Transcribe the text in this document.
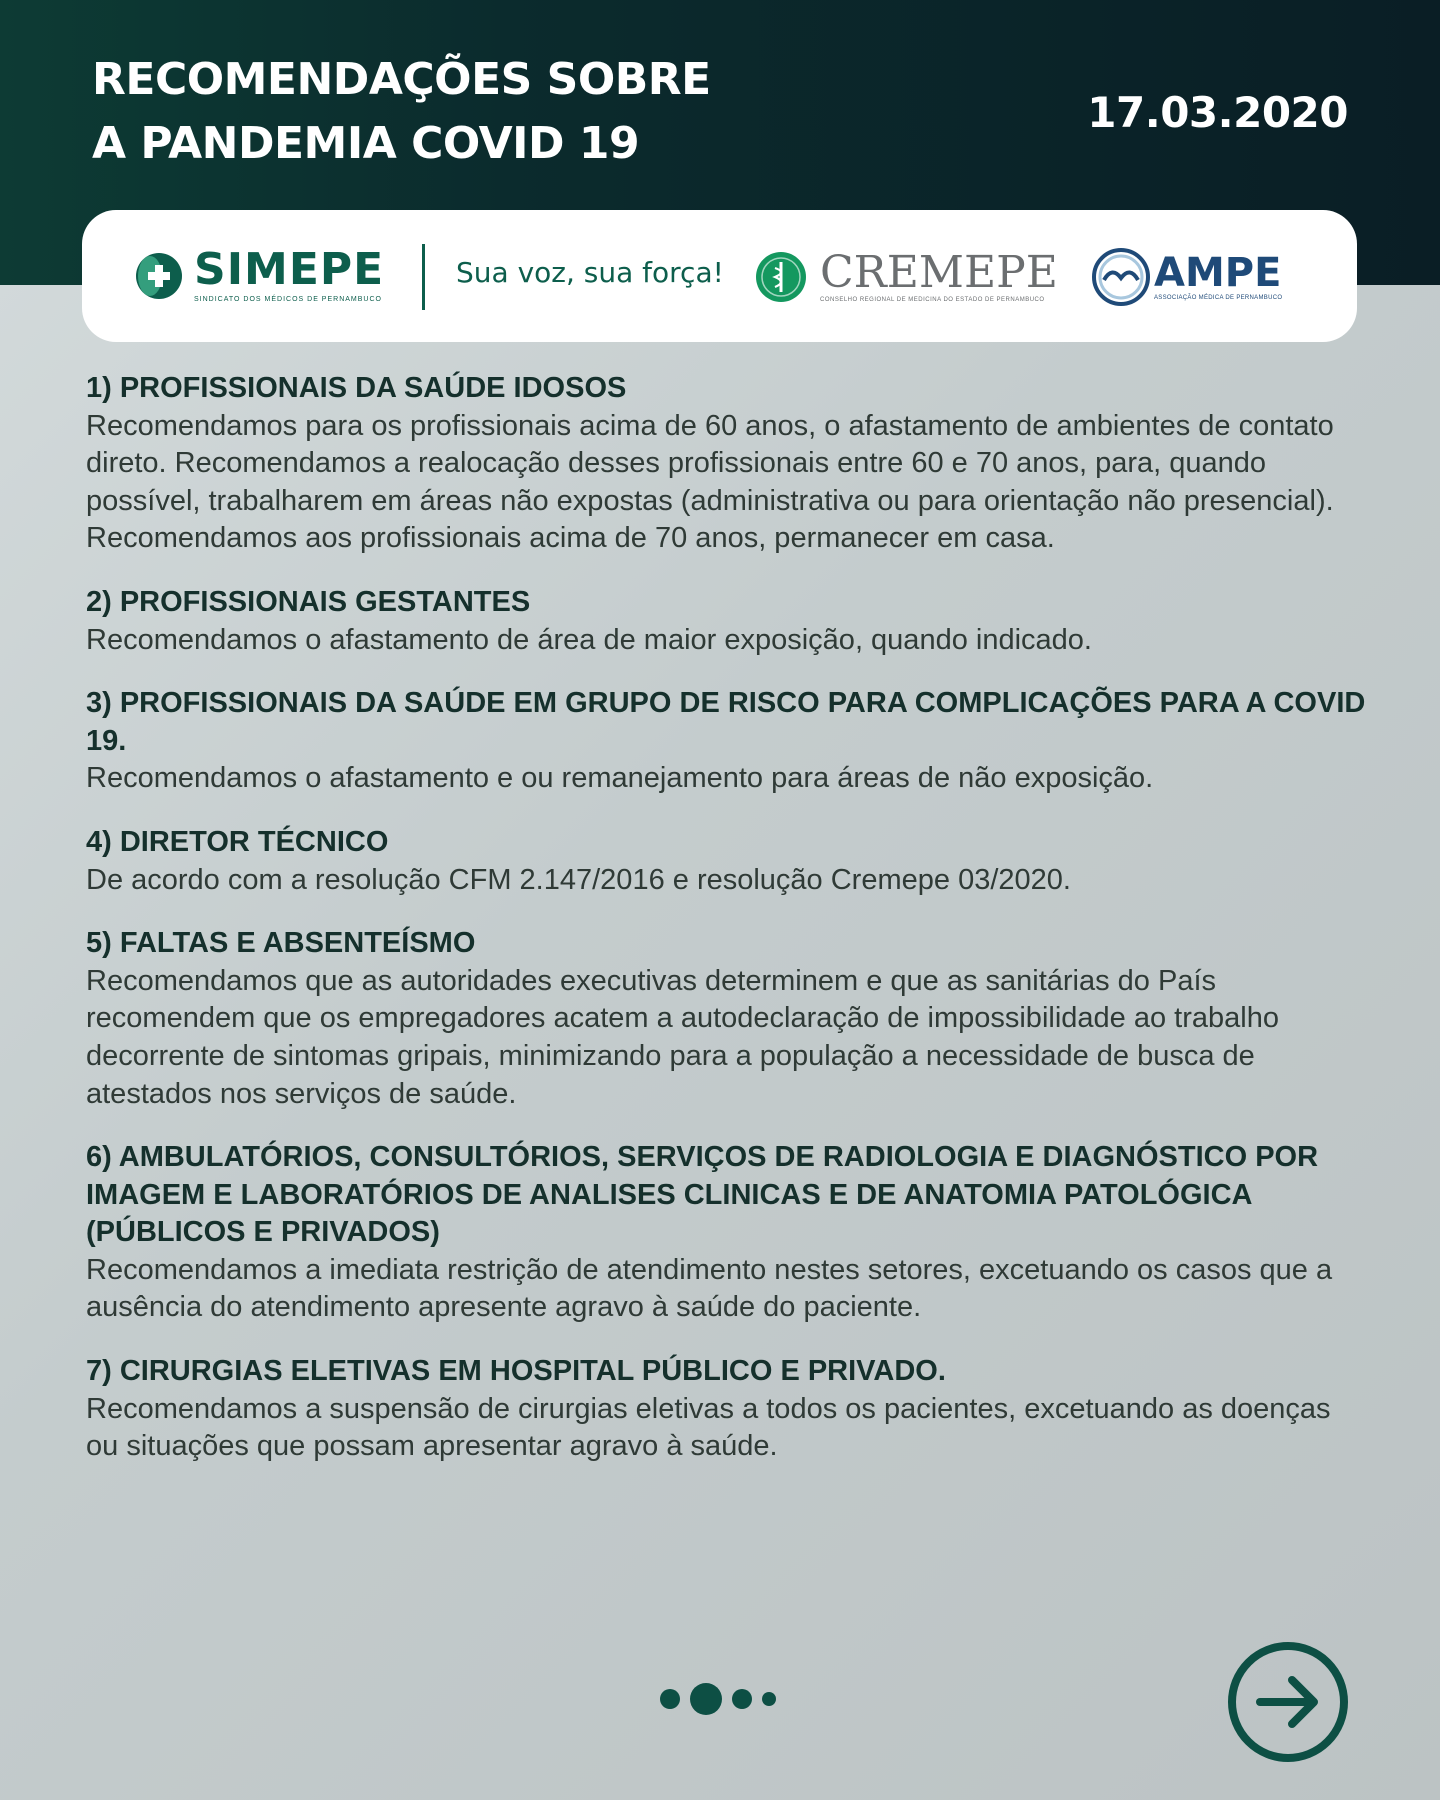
RECOMENDAÇÕES SOBRE
A PANDEMIA COVID 19
17.03.2020
SIMEPE
SINDICATO DOS MÉDICOS DE PERNAMBUCO
Sua voz, sua força! CREMEPE
CONSELHO REGIONAL DE MEDICINA DO ESTADO DE PERNAMBUCO
AMPE
ASSOCIAÇÃO MÉDICA DE PERNAMBUCO
1) PROFISSIONAIS DA SAÚDE IDOSOS

Recomendamos para os profissionais acima de 60 anos, o afastamento de ambientes de contato direto. Recomendamos a realocação desses profissionais entre 60 e 70 anos, para, quando possível, trabalharem em áreas não expostas (administrativa ou para orientação não presencial).

Recomendamos aos profissionais acima de 70 anos, permanecer em casa.

2) PROFISSIONAIS GESTANTES

Recomendamos o afastamento de área de maior exposição, quando indicado.

3) PROFISSIONAIS DA SAÚDE EM GRUPO DE RISCO PARA COMPLICAÇÕES PARA A COVID 19.

Recomendamos o afastamento e ou remanejamento para áreas de não exposição.

4) DIRETOR TÉCNICO

De acordo com a resolução CFM 2.147/2016 e resolução Cremepe 03/2020.

5) FALTAS E ABSENTEÍSMO

Recomendamos que as autoridades executivas determinem e que as sanitárias do País recomendem que os empregadores acatem a autodeclaração de impossibilidade ao trabalho decorrente de sintomas gripais, minimizando para a população a necessidade de busca de atestados nos serviços de saúde.

6) AMBULATÓRIOS, CONSULTÓRIOS, SERVIÇOS DE RADIOLOGIA E DIAGNÓSTICO POR IMAGEM E LABORATÓRIOS DE ANALISES CLINICAS E DE ANATOMIA PATOLÓGICA (PÚBLICOS E PRIVADOS)

Recomendamos a imediata restrição de atendimento nestes setores, excetuando os casos que a ausência do atendimento apresente agravo à saúde do paciente.

7) CIRURGIAS ELETIVAS EM HOSPITAL PÚBLICO E PRIVADO.

Recomendamos a suspensão de cirurgias eletivas a todos os pacientes, excetuando as doenças ou situações que possam apresentar agravo à saúde.
